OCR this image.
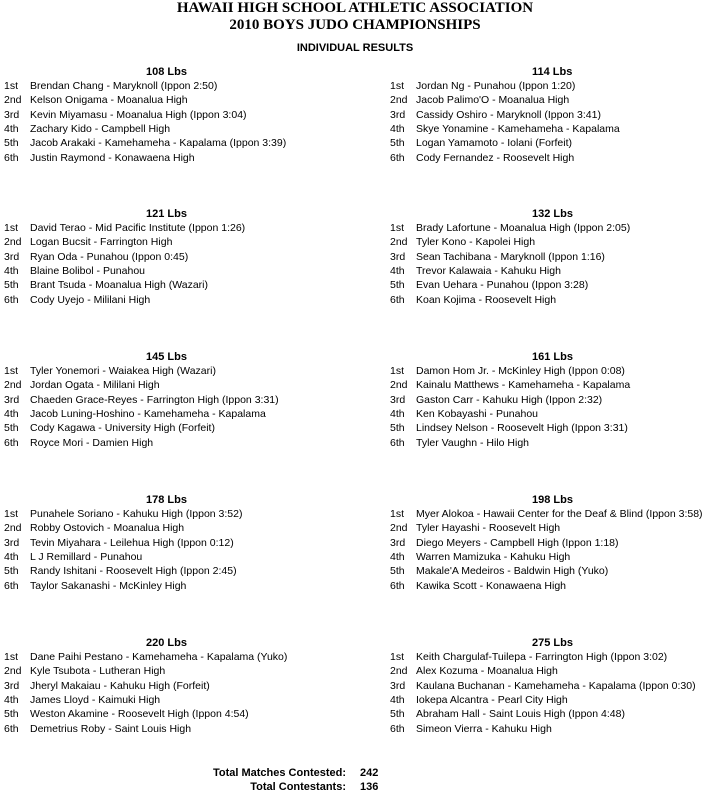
HAWAII HIGH SCHOOL ATHLETIC ASSOCIATION
2010 BOYS JUDO CHAMPIONSHIPS
INDIVIDUAL RESULTS
108 Lbs
1st Brendan Chang - Maryknoll (Ippon 2:50)
2nd Kelson Onigama - Moanalua High
3rd Kevin Miyamasu - Moanalua High (Ippon 3:04)
4th Zachary Kido - Campbell High
5th Jacob Arakaki - Kamehameha - Kapalama (Ippon 3:39)
6th Justin Raymond - Konawaena High
114 Lbs
1st Jordan Ng - Punahou (Ippon 1:20)
2nd Jacob Palimo'O - Moanalua High
3rd Cassidy Oshiro - Maryknoll (Ippon 3:41)
4th Skye Yonamine - Kamehameha - Kapalama
5th Logan Yamamoto - Iolani (Forfeit)
6th Cody Fernandez - Roosevelt High
121 Lbs
1st David Terao - Mid Pacific Institute (Ippon 1:26)
2nd Logan Bucsit - Farrington High
3rd Ryan Oda - Punahou (Ippon 0:45)
4th Blaine Bolibol - Punahou
5th Brant Tsuda - Moanalua High (Wazari)
6th Cody Uyejo - Mililani High
132 Lbs
1st Brady Lafortune - Moanalua High (Ippon 2:05)
2nd Tyler Kono - Kapolei High
3rd Sean Tachibana - Maryknoll (Ippon 1:16)
4th Trevor Kalawaia - Kahuku High
5th Evan Uehara - Punahou (Ippon 3:28)
6th Koan Kojima - Roosevelt High
145 Lbs
1st Tyler Yonemori - Waiakea High (Wazari)
2nd Jordan Ogata - Mililani High
3rd Chaeden Grace-Reyes - Farrington High (Ippon 3:31)
4th Jacob Luning-Hoshino - Kamehameha - Kapalama
5th Cody Kagawa - University High (Forfeit)
6th Royce Mori - Damien High
161 Lbs
1st Damon Hom Jr. - McKinley High (Ippon 0:08)
2nd Kainalu Matthews - Kamehameha - Kapalama
3rd Gaston Carr - Kahuku High (Ippon 2:32)
4th Ken Kobayashi - Punahou
5th Lindsey Nelson - Roosevelt High (Ippon 3:31)
6th Tyler Vaughn - Hilo High
178 Lbs
1st Punahele Soriano - Kahuku High (Ippon 3:52)
2nd Robby Ostovich - Moanalua High
3rd Tevin Miyahara - Leilehua High (Ippon 0:12)
4th L J Remillard - Punahou
5th Randy Ishitani - Roosevelt High (Ippon 2:45)
6th Taylor Sakanashi - McKinley High
198 Lbs
1st Myer Alokoa - Hawaii Center for the Deaf & Blind (Ippon 3:58)
2nd Tyler Hayashi - Roosevelt High
3rd Diego Meyers - Campbell High (Ippon 1:18)
4th Warren Mamizuka - Kahuku High
5th Makale'A Medeiros - Baldwin High (Yuko)
6th Kawika Scott - Konawaena High
220 Lbs
1st Dane Paihi Pestano - Kamehameha - Kapalama (Yuko)
2nd Kyle Tsubota - Lutheran High
3rd Jheryl Makaiau - Kahuku High (Forfeit)
4th James Lloyd - Kaimuki High
5th Weston Akamine - Roosevelt High (Ippon 4:54)
6th Demetrius Roby - Saint Louis High
275 Lbs
1st Keith Chargulaf-Tuilepa - Farrington High (Ippon 3:02)
2nd Alex Kozuma - Moanalua High
3rd Kaulana Buchanan - Kamehameha - Kapalama (Ippon 0:30)
4th Iokepa Alcantra - Pearl City High
5th Abraham Hall - Saint Louis High (Ippon 4:48)
6th Simeon Vierra - Kahuku High
Total Matches Contested: 242
Total Contestants: 136
